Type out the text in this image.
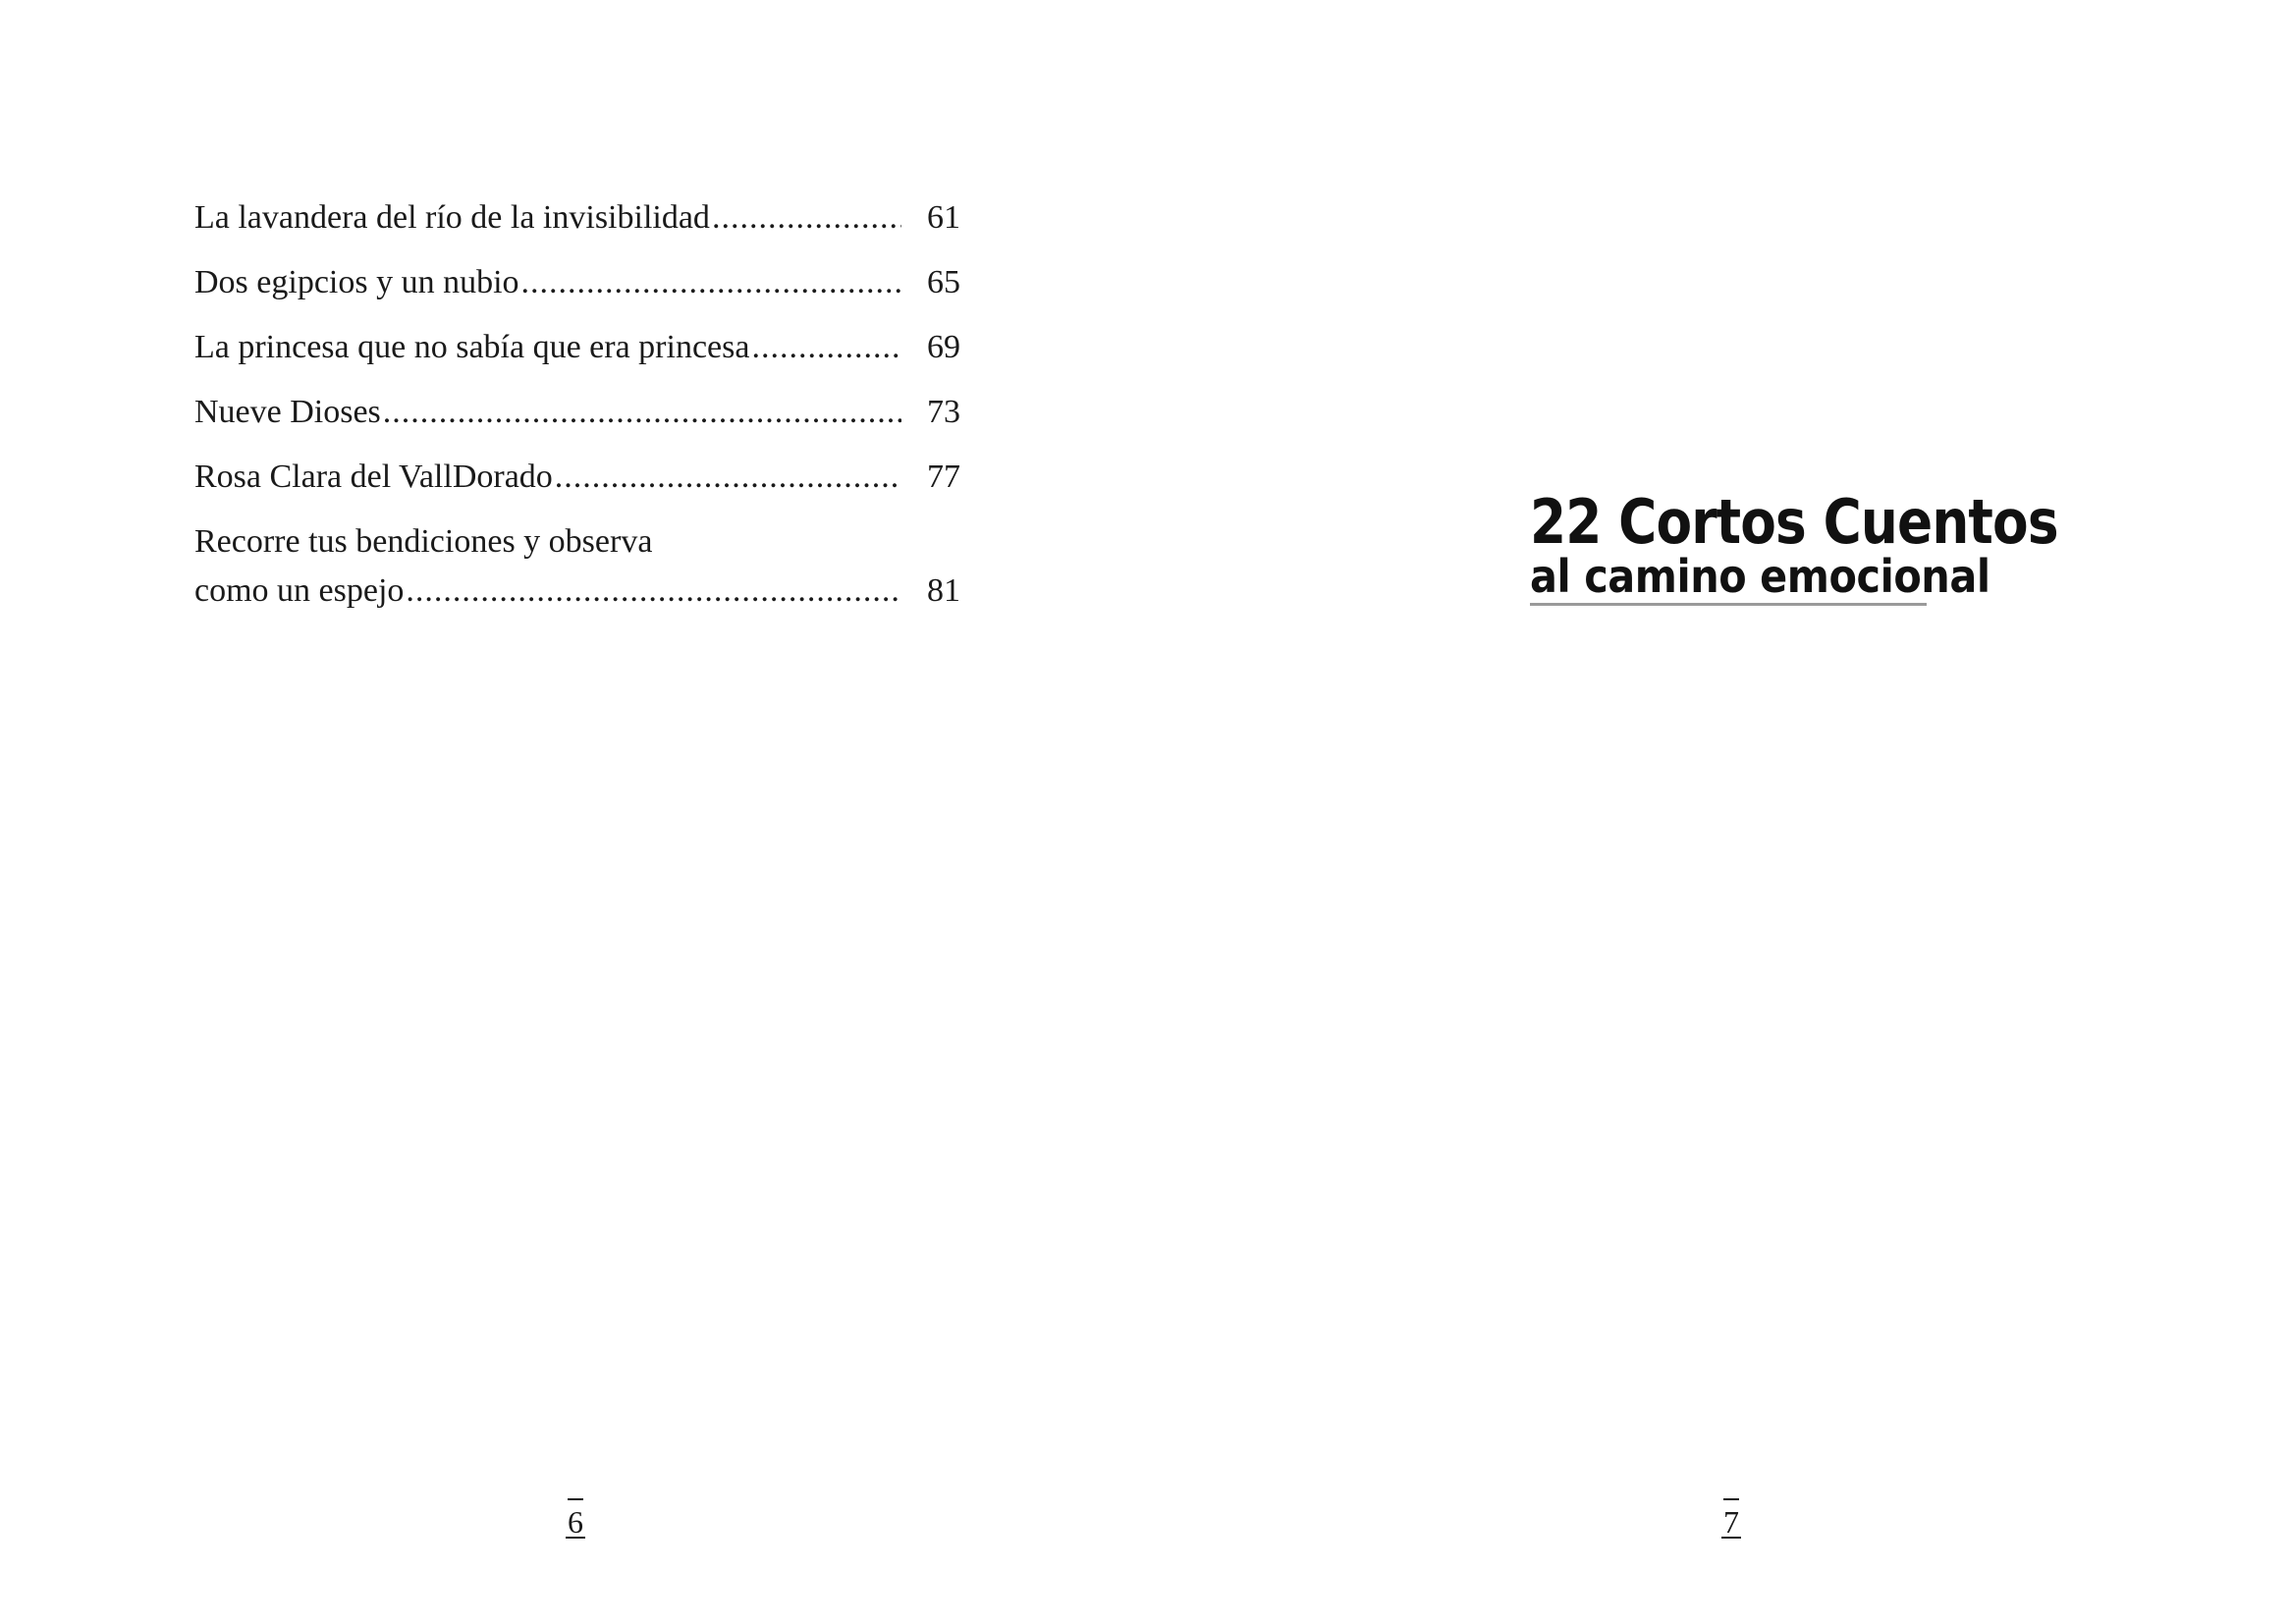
La lavandera del río de la invisibilidad .....	61
Dos egipcios y un nubio .....	65
La princesa que no sabía que era princesa .....	69
Nueve Dioses .....	73
Rosa Clara del VallDorado .....	77
Recorre tus bendiciones y observa
como un espejo .....	81
6
22 Cortos Cuentos
al camino emocional
7
